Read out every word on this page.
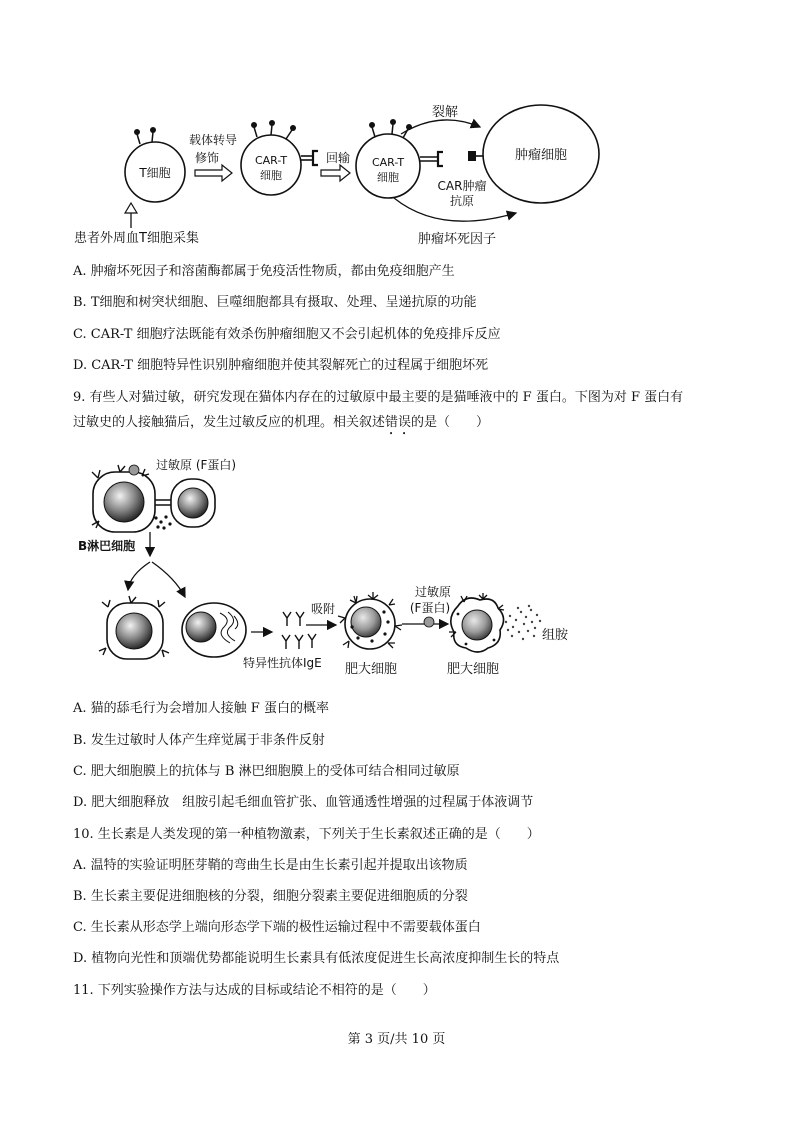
T细胞
患者外周血T细胞采集
载体转导
修饰	CAR-T
细胞
回输 CAR-T
细胞
肿瘤细胞
裂解
肿瘤坏死因子
CAR肿瘤
抗原
A. 肿瘤坏死因子和溶菌酶都属于免疫活性物质，都由免疫细胞产生
B. T细胞和树突状细胞、巨噬细胞都具有摄取、处理、呈递抗原的功能
C. CAR-T 细胞疗法既能有效杀伤肿瘤细胞又不会引起机体的免疫排斥反应
D. CAR-T 细胞特异性识别肿瘤细胞并使其裂解死亡的过程属于细胞坏死
9. 有些人对猫过敏，研究发现在猫体内存在的过敏原中最主要的是猫唾液中的 F 蛋白。下图为对 F 蛋白有
过敏史的人接触猫后，发生过敏反应的机理。相关叙述错误的是（　　）
过敏原 (F蛋白)
B淋巴细胞
吸附
特异性抗体IgE 肥大细胞
过敏原
(F蛋白)
组胺
肥大细胞
A. 猫的舔毛行为会增加人接触 F 蛋白的概率
B. 发生过敏时人体产生痒觉属于非条件反射
C. 肥大细胞膜上的抗体与 B 淋巴细胞膜上的受体可结合相同过敏原
D. 肥大细胞释放　组胺引起毛细血管扩张、血管通透性增强的过程属于体液调节
10. 生长素是人类发现的第一种植物激素，下列关于生长素叙述正确的是（　　）
A. 温特的实验证明胚芽鞘的弯曲生长是由生长素引起并提取出该物质
B. 生长素主要促进细胞核的分裂，细胞分裂素主要促进细胞质的分裂
C. 生长素从形态学上端向形态学下端的极性运输过程中不需要载体蛋白
D. 植物向光性和顶端优势都能说明生长素具有低浓度促进生长高浓度抑制生长的特点
11. 下列实验操作方法与达成的目标或结论不相符的是（　　）
第 3 页/共 10 页
